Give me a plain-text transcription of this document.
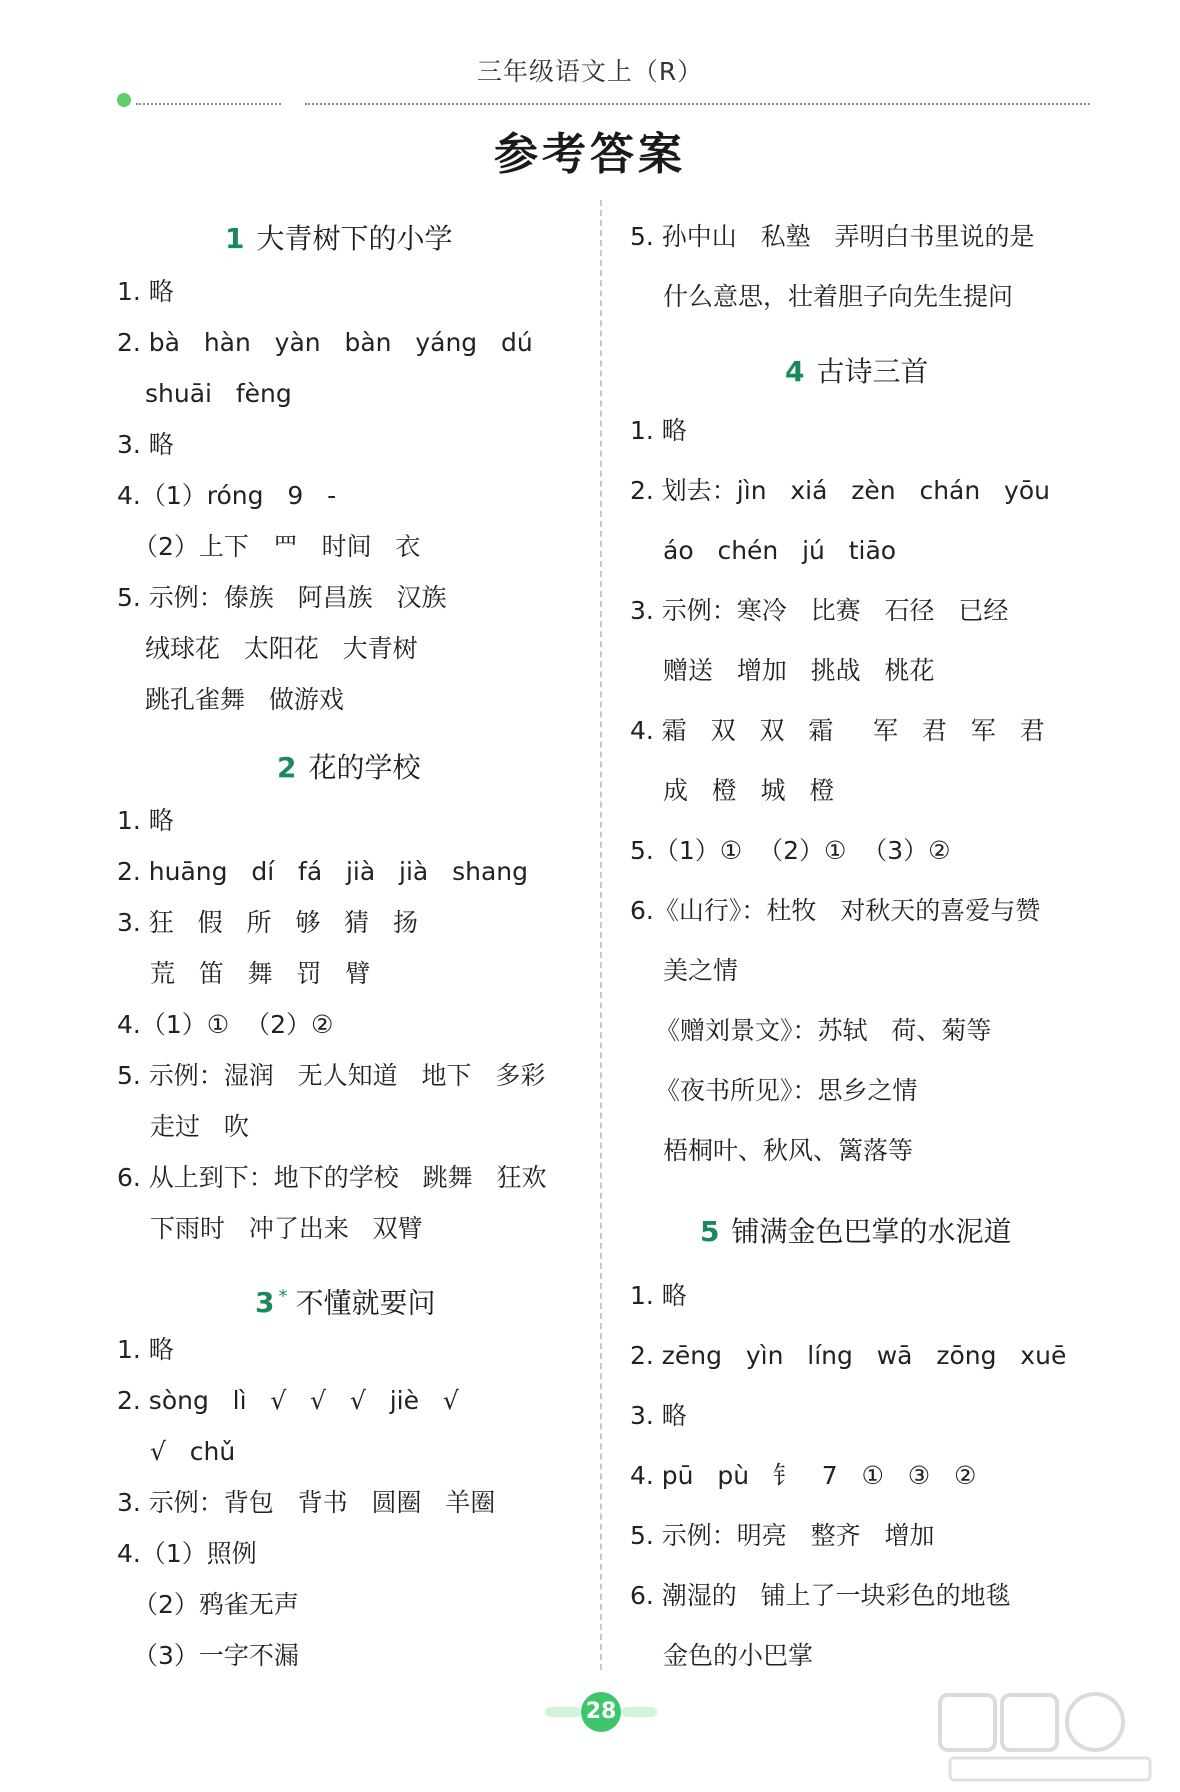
三年级语文上（R）
参考答案
1 大青树下的小学
1. 略
2. bà   hàn   yàn   bàn   yáng   dú
shuāi   fèng
3. 略
4.（1）róng   9   -
（2）上下   罒   时间   衣
5. 示例：傣族   阿昌族   汉族
绒球花   太阳花   大青树
跳孔雀舞   做游戏
2 花的学校
1. 略
2. huāng   dí   fá   jià   jià   shang
3. 狂   假   所   够   猜   扬
荒   笛   舞   罚   臂
4.（1）①  （2）②
5. 示例：湿润   无人知道   地下   多彩
走过   吹
6. 从上到下：地下的学校   跳舞   狂欢
下雨时   冲了出来   双臂
3 * 不懂就要问
1. 略
2. sòng   lì   √   √   √   jiè   √
√   chǔ
3. 示例：背包   背书   圆圈   羊圈
4.（1）照例
（2）鸦雀无声
（3）一字不漏
5. 孙中山   私塾   弄明白书里说的是
什么意思，壮着胆子向先生提问
4 古诗三首
1. 略
2. 划去：jìn   xiá   zèn   chán   yōu
áo   chén   jú   tiāo
3. 示例：寒冷   比赛   石径   已经
赠送   增加   挑战   桃花
4. 霜   双   双   霜     军   君   军   君
成   橙   城   橙
5.（1）①  （2）①  （3）②
6.《山行》：杜牧   对秋天的喜爱与赞
美之情
《赠刘景文》：苏轼   荷、菊等
《夜书所见》：思乡之情
梧桐叶、秋风、篱落等
5 铺满金色巴掌的水泥道
1. 略
2. zēng   yìn   líng   wā   zōng   xuē
3. 略
4. pū   pù   钅   7   ①   ③   ②
5. 示例：明亮   整齐   增加
6. 潮湿的   铺上了一块彩色的地毯
金色的小巴掌
28
